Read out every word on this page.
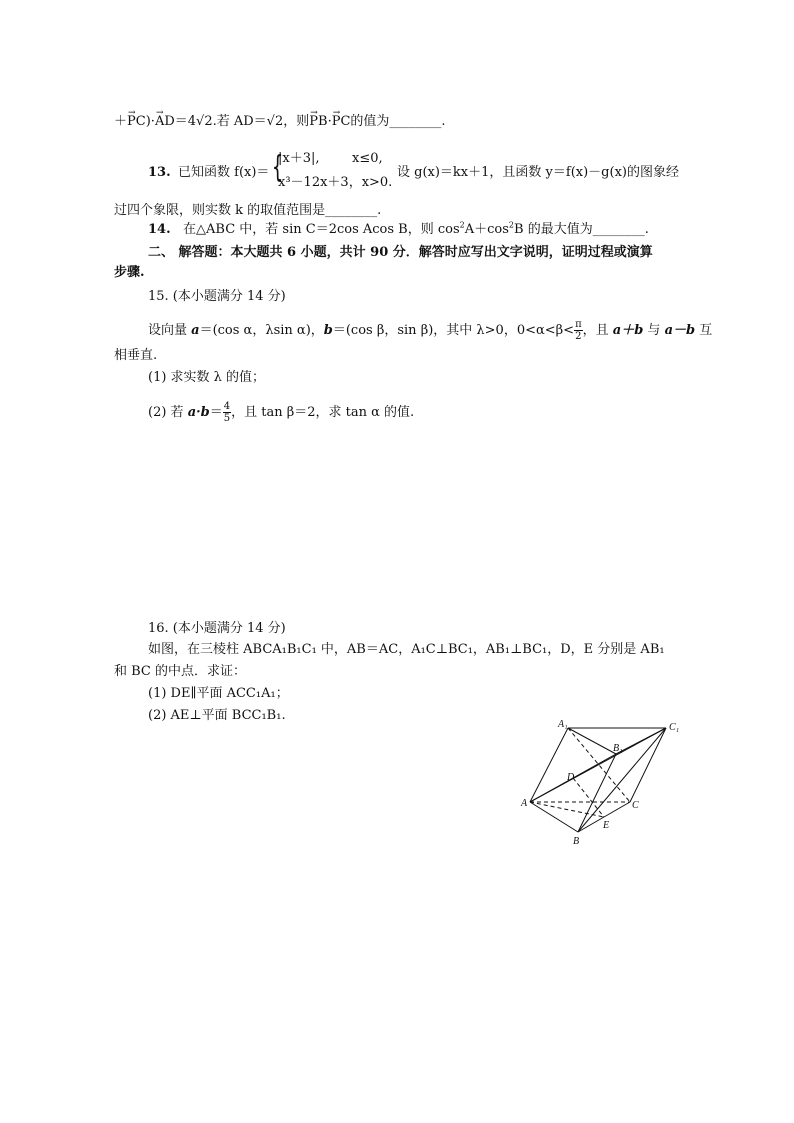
＋→ PC)·→ AD＝4√2.若 AD＝√2，则→ PB·→ PC的值为________.
13. 已知函数 f(x)＝ {
|x＋3|,	x≤0,
x³－12x＋3，x>0.
设 g(x)＝kx＋1，且函数 y＝f(x)－g(x)的图象经
过四个象限，则实数 k 的取值范围是________.
14. 在△ABC 中，若 sin C＝2cos Acos B，则 $\cos^2A+\cos^2B$ 的最大值为________.
二、 解答题：本大题共 6 小题，共计 90 分．解答时应写出文字说明，证明过程或演算
步骤.
15. (本小题满分 14 分)
设向量 a＝(cos α，λsin α)，b＝(cos β，sin β)，其中 λ>0，$0<\alpha<\beta< \frac{\pi}{2}$ ，且 a＋b 与 a－b 互
相垂直.
(1) 求实数 λ 的值；
(2) 若 $a\cdot b= \frac{4}{5}$ ，且 tan β＝2，求 tan α 的值.
16. (本小题满分 14 分)
如图，在三棱柱 ABCA₁B₁C₁ 中，AB＝AC，A₁C⊥BC₁，AB₁⊥BC₁，D，E 分别是 AB₁
和 BC 的中点．求证：
(1) DE∥平面 ACC₁A₁；
(2) AE⊥平面 BCC₁B₁.
A₁	C₁
B₁
D
A	C
E
B
